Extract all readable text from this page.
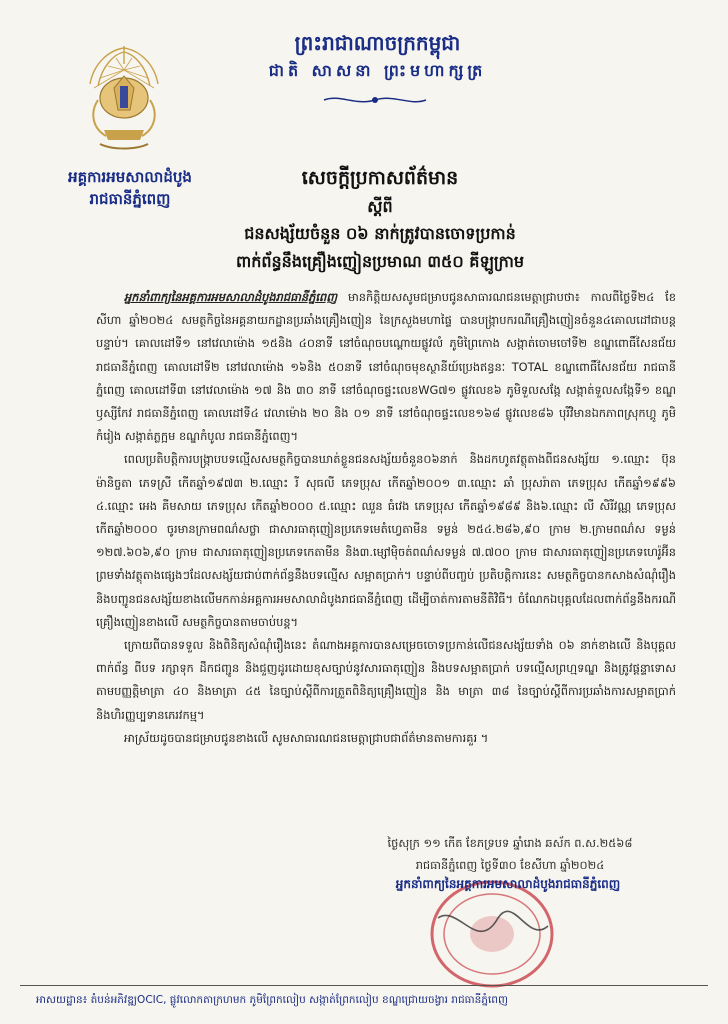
អគ្គការអមសាលាដំបូង
រាជធានីភ្នំពេញ
ព្រះរាជាណាចក្រកម្ពុជា
ជាតិ សាសនា ព្រះមហាក្សត្រ
សេចក្តីប្រកាសព័ត៌មាន
ស្តីពី
ជនសង្ស័យចំនួន ០៦ នាក់ត្រូវបានចោទប្រកាន់
ពាក់ព័ន្ធនឹងគ្រឿងញៀនប្រមាណ ៣៥០ គីឡូក្រាម

អ្នកនាំពាក្យនៃអគ្គការអមសាលាដំបូងរាជធានីភ្នំពេញ មានកិត្តិយសសូមជម្រាបជូនសាធារណជនមេត្តាជ្រាបថា៖ កាលពីថ្ងៃទី២៤ ខែសីហា ឆ្នាំ២០២៤ សមត្ថកិច្ចនៃអគ្គនាយកដ្ឋានប្រឆាំងគ្រឿងញៀន នៃក្រសួងមហាផ្ទៃ បានបង្ក្រាបករណីគ្រឿងញៀនចំនួន៤គោលដៅជាបន្តបន្ទាប់។ គោលដៅទី១ នៅវេលាម៉ោង ១៥និង ៤០នាទី នៅចំណុចបណ្តោយផ្លូវលំ ភូមិព្រៃកោង សង្កាត់ចោមចៅទី២ ខណ្ឌពោធិ៍សែនជ័យ រាជធានីភ្នំពេញ គោលដៅទី២ នៅវេលាម៉ោង ១៦និង ៥០នាទី នៅចំណុចមុខស្ថានីយ៍ប្រេងឥន្ធនៈ TOTAL ខណ្ឌពោធិ៍សែនជ័យ រាជធានីភ្នំពេញ គោលដៅទី៣ នៅវេលាម៉ោង ១៧ និង ៣០ នាទី នៅចំណុចផ្ទះលេខWG៧១ ផ្លូវលេខ៦ ភូមិទួលសង្កែ សង្កាត់ទួលសង្កែទី១ ខណ្ឌឫស្សីកែវ រាជធានីភ្នំពេញ គោលដៅទី៤ វេលាម៉ោង ២០ និង ០១ នាទី នៅចំណុចផ្ទះលេខ១៦៨ ផ្លូវលេខ៨៦ បុរីវិមានឯកភាពស្រុកហ្គូ ភូមិកំរៀង សង្កាត់ភ្លក្អម ខណ្ឌកំបូល រាជធានីភ្នំពេញ។

ពេលប្រតិបត្តិការបង្ក្រាបបទល្មើសសមត្ថកិច្ចបានឃាត់ខ្លួនជនសង្ស័យចំនួន០៦នាក់ និងដកហូតវត្ថុតាងពីជនសង្ស័យ ១.ឈ្មោះ ប៊ុន ម៉ានិច្ចតា ភេទស្រី កើតឆ្នាំ១៩៧៣ ២.ឈ្មោះ រី សុធលី ភេទប្រុស កើតឆ្នាំ២០០១ ៣.ឈ្មោះ ឆាំ ប្រុសរ៉ាតា ភេទប្រុស កើតឆ្នាំ១៩៩៦ ៤.ឈ្មោះ អេង គីមសាយ ភេទប្រុស កើតឆ្នាំ២០០០ ៥.ឈ្មោះ ឈួន ធំវេង ភេទប្រុស កើតឆ្នាំ១៩៨៩ និង៦.ឈ្មោះ លី សិរីវណ្ណ ភេទប្រុស កើតឆ្នាំ២០០០ ចូរមានក្រាមពណ៌សថ្លា ជាសារធាតុញៀនប្រភេទមេតំហ្វេតាមីន ទម្ងន់ ២៥៤.២៨៦,៩០ ក្រាម ២.ក្រាមពណ៌ស ទម្ងន់ ១២៧.៦០៦,៩០ ក្រាម ជាសារធាតុញៀនប្រភេទកេតាមីន និង៣.ម្សៅម៉ិចត់ពណ៌សទម្ងន់ ៧.៧០០ ក្រាម ជាសារធាតុញៀនប្រភេទហេរ៉ូអ៊ីន ព្រមទាំងវត្ថុតាងផ្សេងៗដែលសង្ស័យជាប់ពាក់ព័ន្ធនឹងបទល្មើស សម្អាតប្រាក់។ បន្ទាប់ពីបញ្ចប់ ប្រតិបត្តិការនេះ សមត្ថកិច្ចបានកសាងសំណុំរឿង និងបញ្ជូនជនសង្ស័យខាងលើមកកាន់អគ្គការអមសាលាដំបូងរាជធានីភ្នំពេញ ដើម្បីចាត់ការតាមនីតិវិធី។ ចំណែកឯបុគ្គលដែលពាក់ព័ន្ធនឹងករណីគ្រឿងញៀនខាងលើ សមត្ថកិច្ចបានតាមចាប់បន្ត។

ក្រោយពីបានទទួល និងពិនិត្យសំណុំរឿងនេះ តំណាងអគ្គការបានសម្រេចចោទប្រកាន់លើជនសង្ស័យទាំង ០៦ នាក់ខាងលើ និងបុគ្គលពាក់ព័ន្ធ ពីបទ រក្សាទុក ដឹកជញ្ជូន និងជួញដូរដោយខុសច្បាប់នូវសារធាតុញៀន និងបទសម្អាតប្រាក់ បទល្មើសព្រហ្មទណ្ឌ និងត្រូវផ្តន្ទាទោសតាមបញ្ញត្តិមាត្រា ៤០ និងមាត្រា ៤៥ នៃច្បាប់ស្តីពីការត្រួតពិនិត្យគ្រឿងញៀន និង មាត្រា ៣៨ នៃច្បាប់ស្តីពីការប្រឆាំងការសម្អាតប្រាក់ និងហិរញ្ញប្បទានភេរវកម្ម។

អាស្រ័យដូចបានជម្រាបជូនខាងលើ សូមសាធារណជនមេត្តាជ្រាបជាព័ត៌មានតាមការគួរ ។

ថ្ងៃសុក្រ ១១ កើត ខែភទ្របទ ឆ្នាំរោង ឆស័ក ព.ស.២៥៦៨
រាជធានីភ្នំពេញ ថ្ងៃទី៣០ ខែសីហា ឆ្នាំ២០២៤
អ្នកនាំពាក្យនៃអគ្គការអមសាលាដំបូងរាជធានីភ្នំពេញ
អាសយដ្ឋាន៖ តំបន់អភិវឌ្ឍOCIC, ផ្លូវលោកតាក្រហមក ភូមិព្រែកលៀប សង្កាត់ព្រែកលៀប ខណ្ឌជ្រោយចង្វារ រាជធានីភ្នំពេញ
